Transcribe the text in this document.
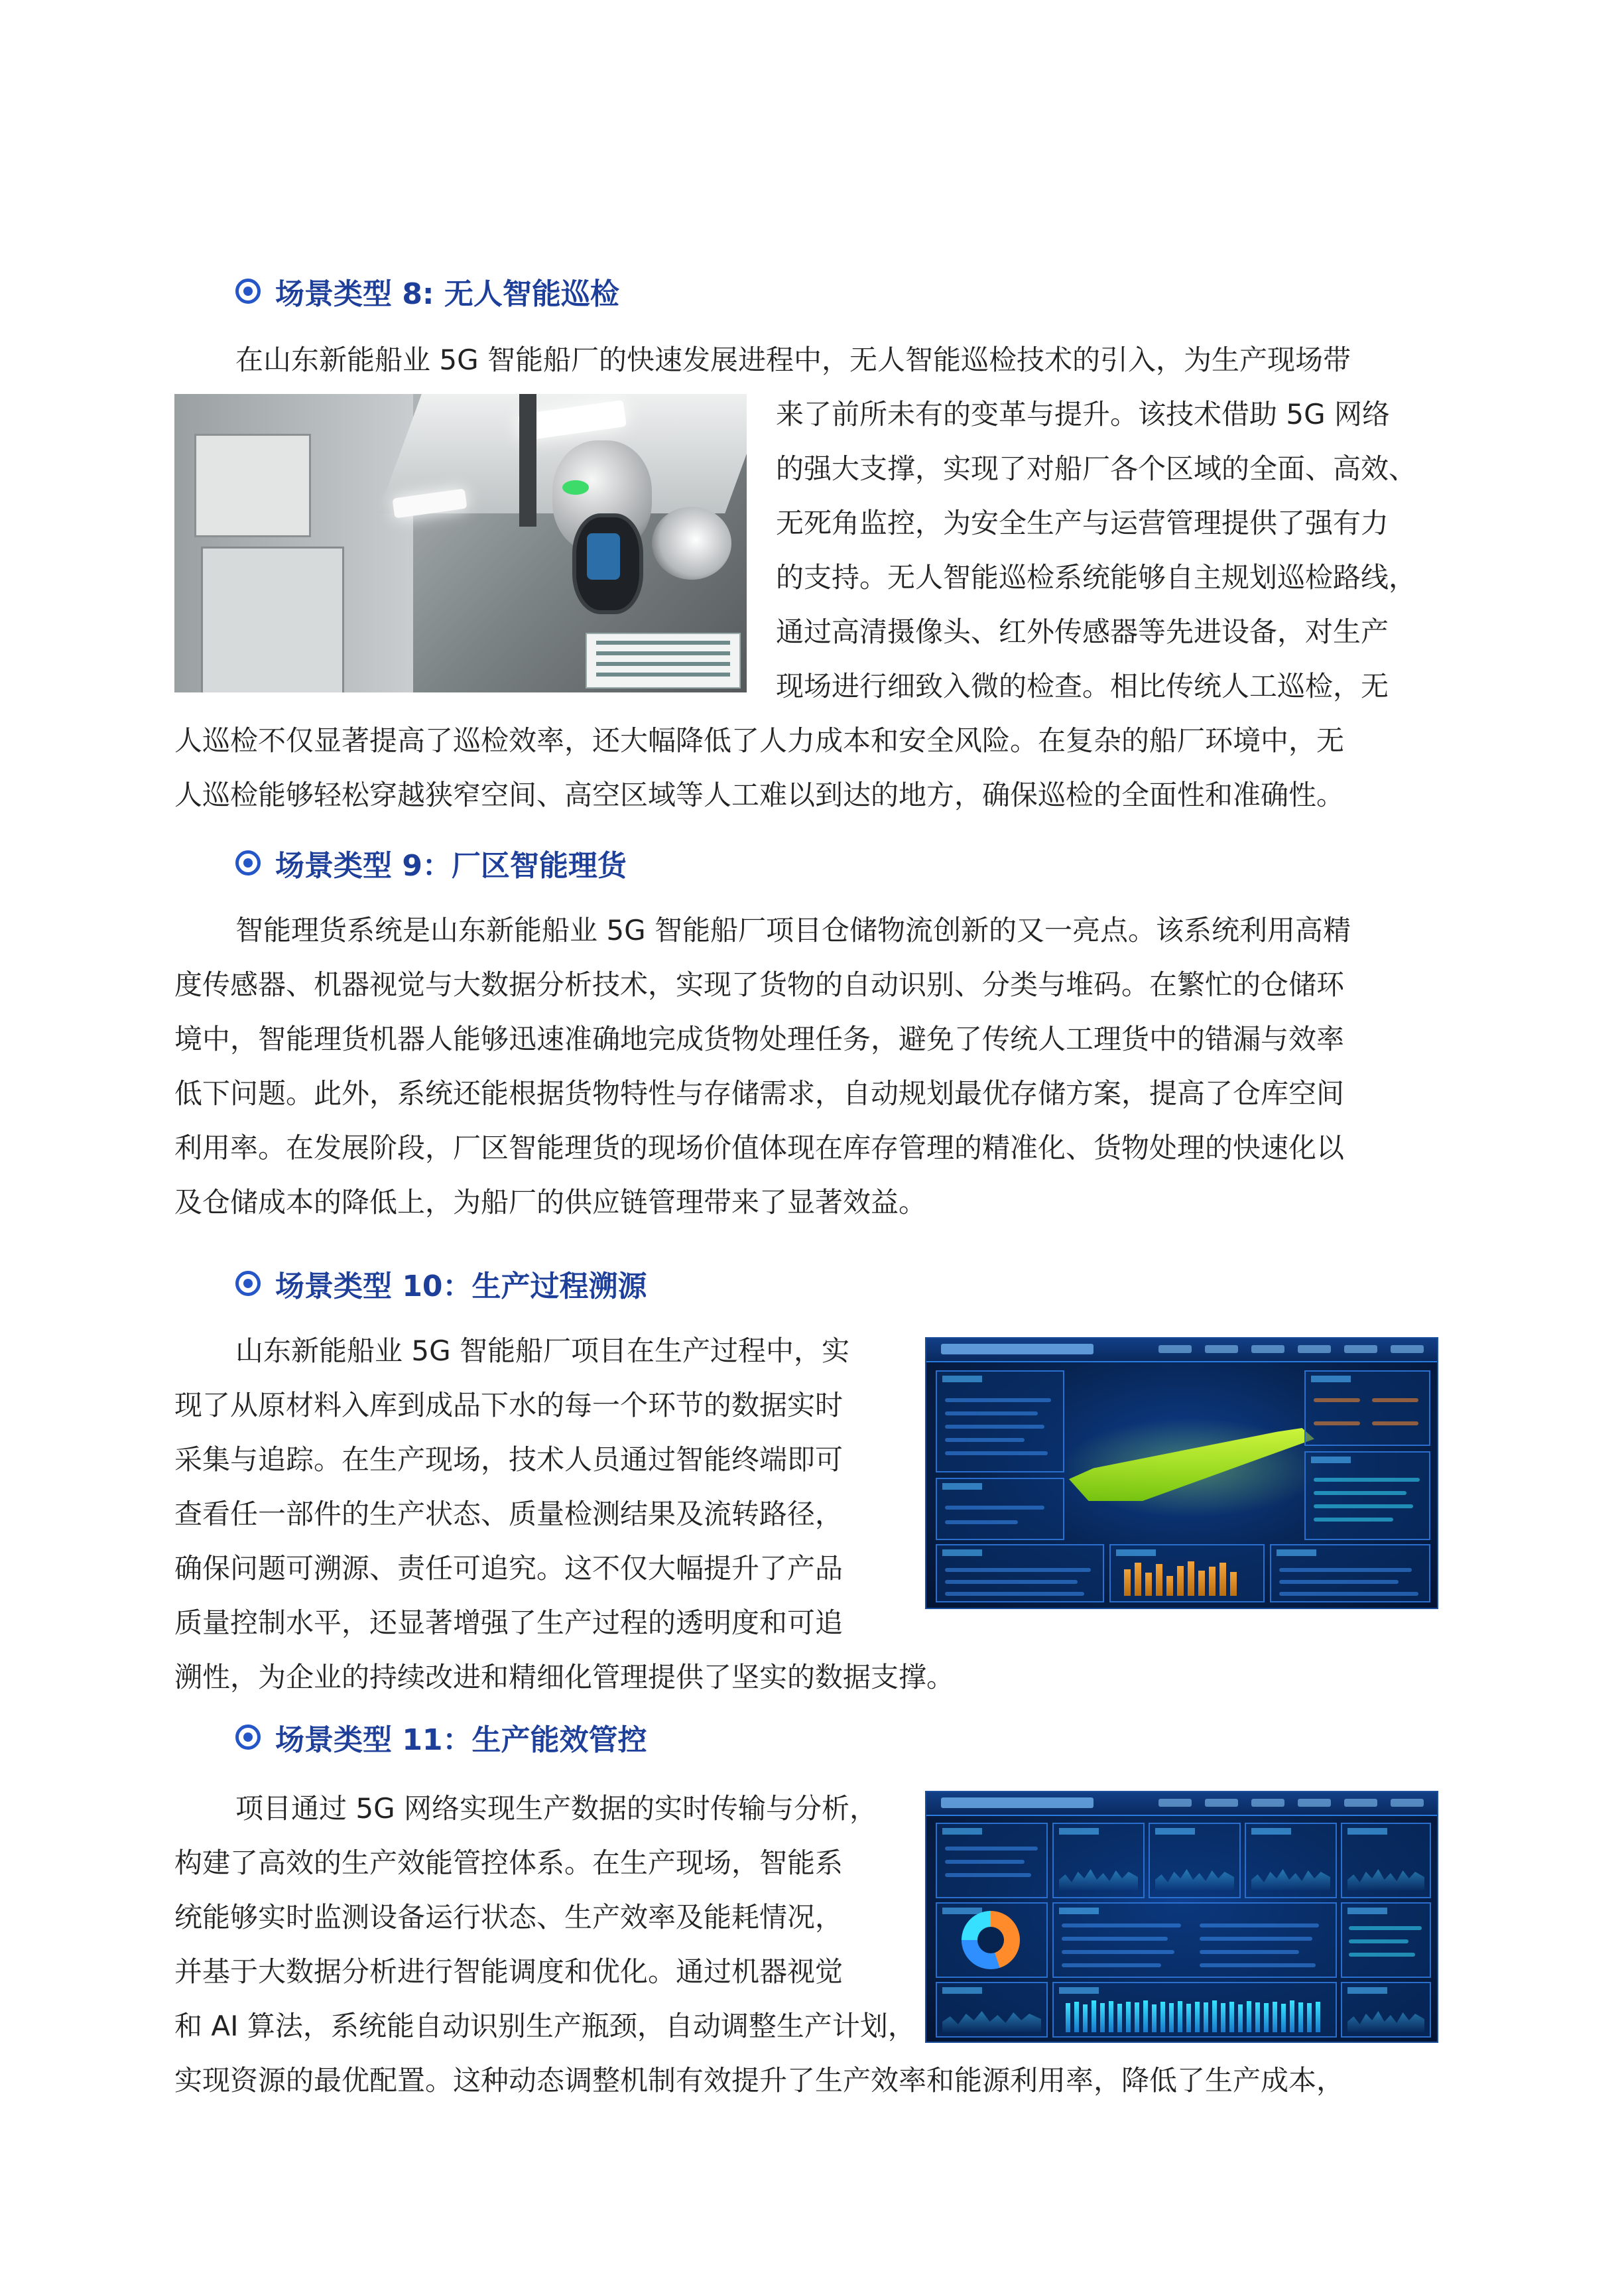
场景类型 8: 无人智能巡检
在山东新能船业 5G 智能船厂的快速发展进程中，无人智能巡检技术的引入，为生产现场带
来了前所未有的变革与提升。该技术借助 5G 网络
的强大支撑，实现了对船厂各个区域的全面、高效、
无死角监控，为安全生产与运营管理提供了强有力
的支持。无人智能巡检系统能够自主规划巡检路线，
通过高清摄像头、红外传感器等先进设备，对生产
现场进行细致入微的检查。相比传统人工巡检，无
人巡检不仅显著提高了巡检效率，还大幅降低了人力成本和安全风险。在复杂的船厂环境中，无
人巡检能够轻松穿越狭窄空间、高空区域等人工难以到达的地方，确保巡检的全面性和准确性。
场景类型 9：厂区智能理货
智能理货系统是山东新能船业 5G 智能船厂项目仓储物流创新的又一亮点。该系统利用高精
度传感器、机器视觉与大数据分析技术，实现了货物的自动识别、分类与堆码。在繁忙的仓储环
境中，智能理货机器人能够迅速准确地完成货物处理任务，避免了传统人工理货中的错漏与效率
低下问题。此外，系统还能根据货物特性与存储需求，自动规划最优存储方案，提高了仓库空间
利用率。在发展阶段，厂区智能理货的现场价值体现在库存管理的精准化、货物处理的快速化以
及仓储成本的降低上，为船厂的供应链管理带来了显著效益。
场景类型 10：生产过程溯源
山东新能船业 5G 智能船厂项目在生产过程中，实
现了从原材料入库到成品下水的每一个环节的数据实时
采集与追踪。在生产现场，技术人员通过智能终端即可
查看任一部件的生产状态、质量检测结果及流转路径，
确保问题可溯源、责任可追究。这不仅大幅提升了产品
质量控制水平，还显著增强了生产过程的透明度和可追
溯性，为企业的持续改进和精细化管理提供了坚实的数据支撑。
场景类型 11：生产能效管控
项目通过 5G 网络实现生产数据的实时传输与分析，
构建了高效的生产效能管控体系。在生产现场，智能系
统能够实时监测设备运行状态、生产效率及能耗情况，
并基于大数据分析进行智能调度和优化。通过机器视觉
和 AI 算法，系统能自动识别生产瓶颈，自动调整生产计划，
实现资源的最优配置。这种动态调整机制有效提升了生产效率和能源利用率，降低了生产成本，
